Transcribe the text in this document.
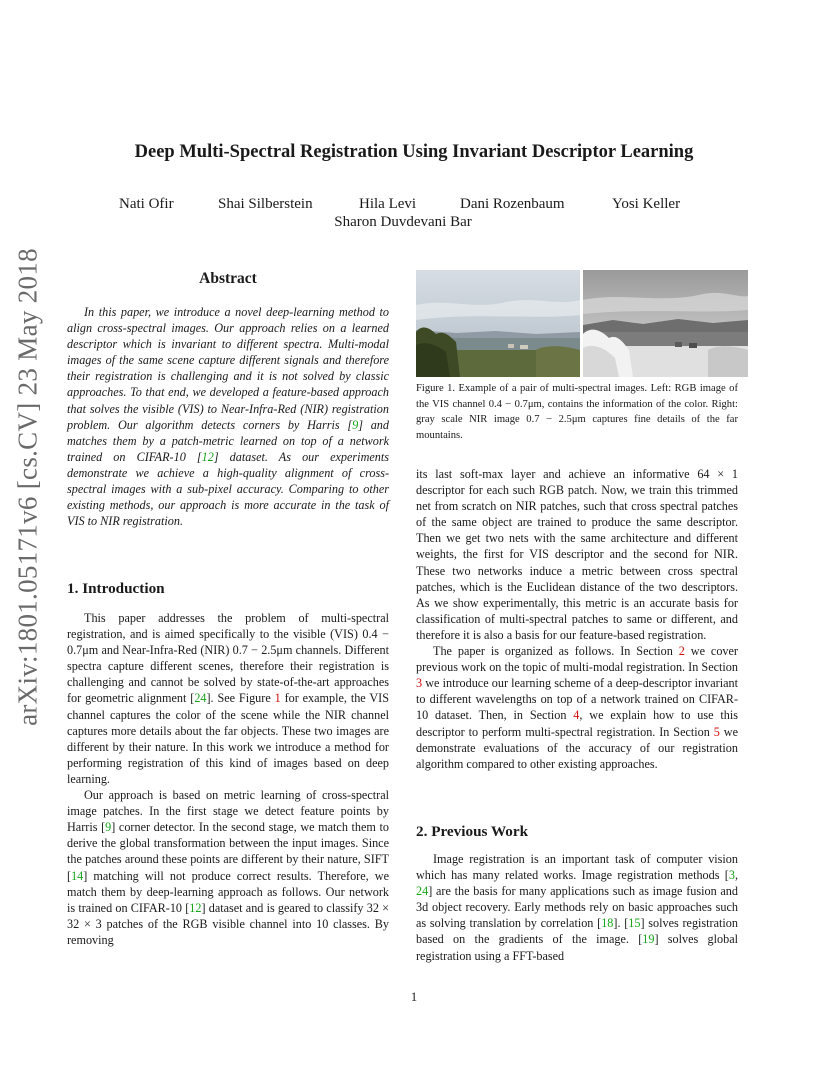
arXiv:1801.05171v6 [cs.CV] 23 May 2018
Deep Multi-Spectral Registration Using Invariant Descriptor Learning
Nati Ofir	Shai Silberstein	Hila Levi	Dani Rozenbaum	Yosi Keller
Sharon Duvdevani Bar
Abstract

In this paper, we introduce a novel deep-learning method to align cross-spectral images. Our approach relies on a learned descriptor which is invariant to different spectra. Multi-modal images of the same scene capture different signals and therefore their registration is challenging and it is not solved by classic approaches. To that end, we developed a feature-based approach that solves the visible (VIS) to Near-Infra-Red (NIR) registration problem. Our algorithm detects corners by Harris [9] and matches them by a patch-metric learned on top of a network trained on CIFAR-10 [12] dataset. As our experiments demonstrate we achieve a high-quality alignment of cross-spectral images with a sub-pixel accuracy. Comparing to other existing methods, our approach is more accurate in the task of VIS to NIR registration.

1. Introduction

This paper addresses the problem of multi-spectral registration, and is aimed specifically to the visible (VIS) 0.4 − 0.7μm and Near-Infra-Red (NIR) 0.7 − 2.5μm channels. Different spectra capture different scenes, therefore their registration is challenging and cannot be solved by state-of-the-art approaches for geometric alignment [24]. See Figure 1 for example, the VIS channel captures the color of the scene while the NIR channel captures more details about the far objects. These two images are different by their nature. In this work we introduce a method for performing registration of this kind of images based on deep learning.

Our approach is based on metric learning of cross-spectral image patches. In the first stage we detect feature points by Harris [9] corner detector. In the second stage, we match them to derive the global transformation between the input images. Since the patches around these points are different by their nature, SIFT [14] matching will not produce correct results. Therefore, we match them by deep-learning approach as follows. Our network is trained on CIFAR-10 [12] dataset and is geared to classify 32 × 32 × 3 patches of the RGB visible channel into 10 classes. By removing

Figure 1. Example of a pair of multi-spectral images. Left: RGB image of the VIS channel 0.4 − 0.7μm, contains the information of the color. Right: gray scale NIR image 0.7 − 2.5μm captures fine details of the far mountains.

its last soft-max layer and achieve an informative 64 × 1 descriptor for each such RGB patch. Now, we train this trimmed net from scratch on NIR patches, such that cross spectral patches of the same object are trained to produce the same descriptor. Then we get two nets with the same architecture and different weights, the first for VIS descriptor and the second for NIR. These two networks induce a metric between cross spectral patches, which is the Euclidean distance of the two descriptors. As we show experimentally, this metric is an accurate basis for classification of multi-spectral patches to same or different, and therefore it is also a basis for our feature-based registration.

The paper is organized as follows. In Section 2 we cover previous work on the topic of multi-modal registration. In Section 3 we introduce our learning scheme of a deep-descriptor invariant to different wavelengths on top of a network trained on CIFAR-10 dataset. Then, in Section 4, we explain how to use this descriptor to perform multi-spectral registration. In Section 5 we demonstrate evaluations of the accuracy of our registration algorithm compared to other existing approaches.

2. Previous Work

Image registration is an important task of computer vision which has many related works. Image registration methods [3, 24] are the basis for many applications such as image fusion and 3d object recovery. Early methods rely on basic approaches such as solving translation by correlation [18]. [15] solves registration based on the gradients of the image. [19] solves global registration using a FFT-based

1
